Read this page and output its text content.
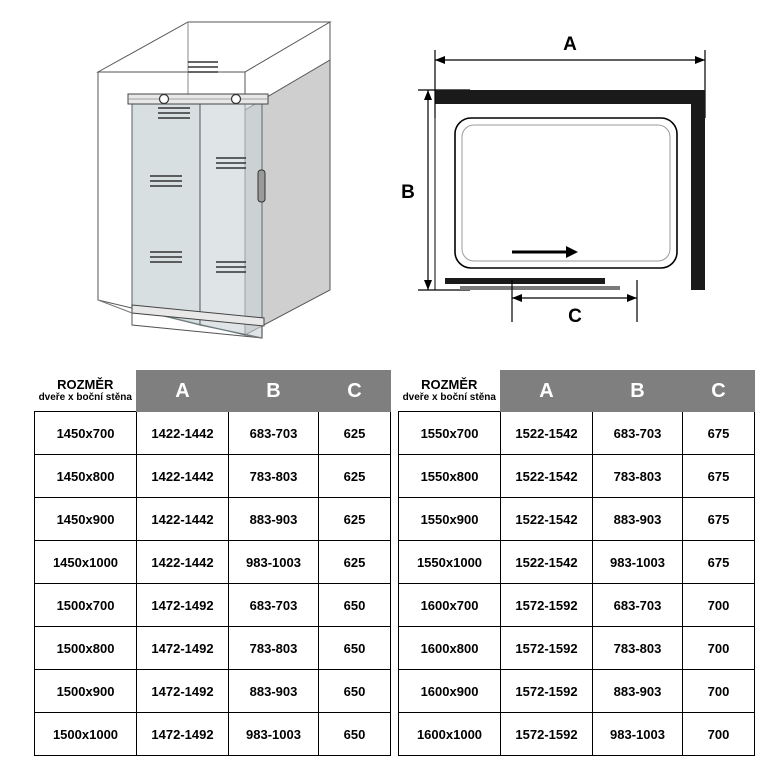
A
B
C
ROZMĚR
dveře x boční stěna	A	B	C
1450x700	1422-1442	683-703	625
1450x800	1422-1442	783-803	625
1450x900	1422-1442	883-903	625
1450x1000	1422-1442	983-1003	625
1500x700	1472-1492	683-703	650
1500x800	1472-1492	783-803	650
1500x900	1472-1492	883-903	650
1500x1000	1472-1492	983-1003	650
ROZMĚR
dveře x boční stěna	A	B	C
1550x700	1522-1542	683-703	675
1550x800	1522-1542	783-803	675
1550x900	1522-1542	883-903	675
1550x1000	1522-1542	983-1003	675
1600x700	1572-1592	683-703	700
1600x800	1572-1592	783-803	700
1600x900	1572-1592	883-903	700
1600x1000	1572-1592	983-1003	700
